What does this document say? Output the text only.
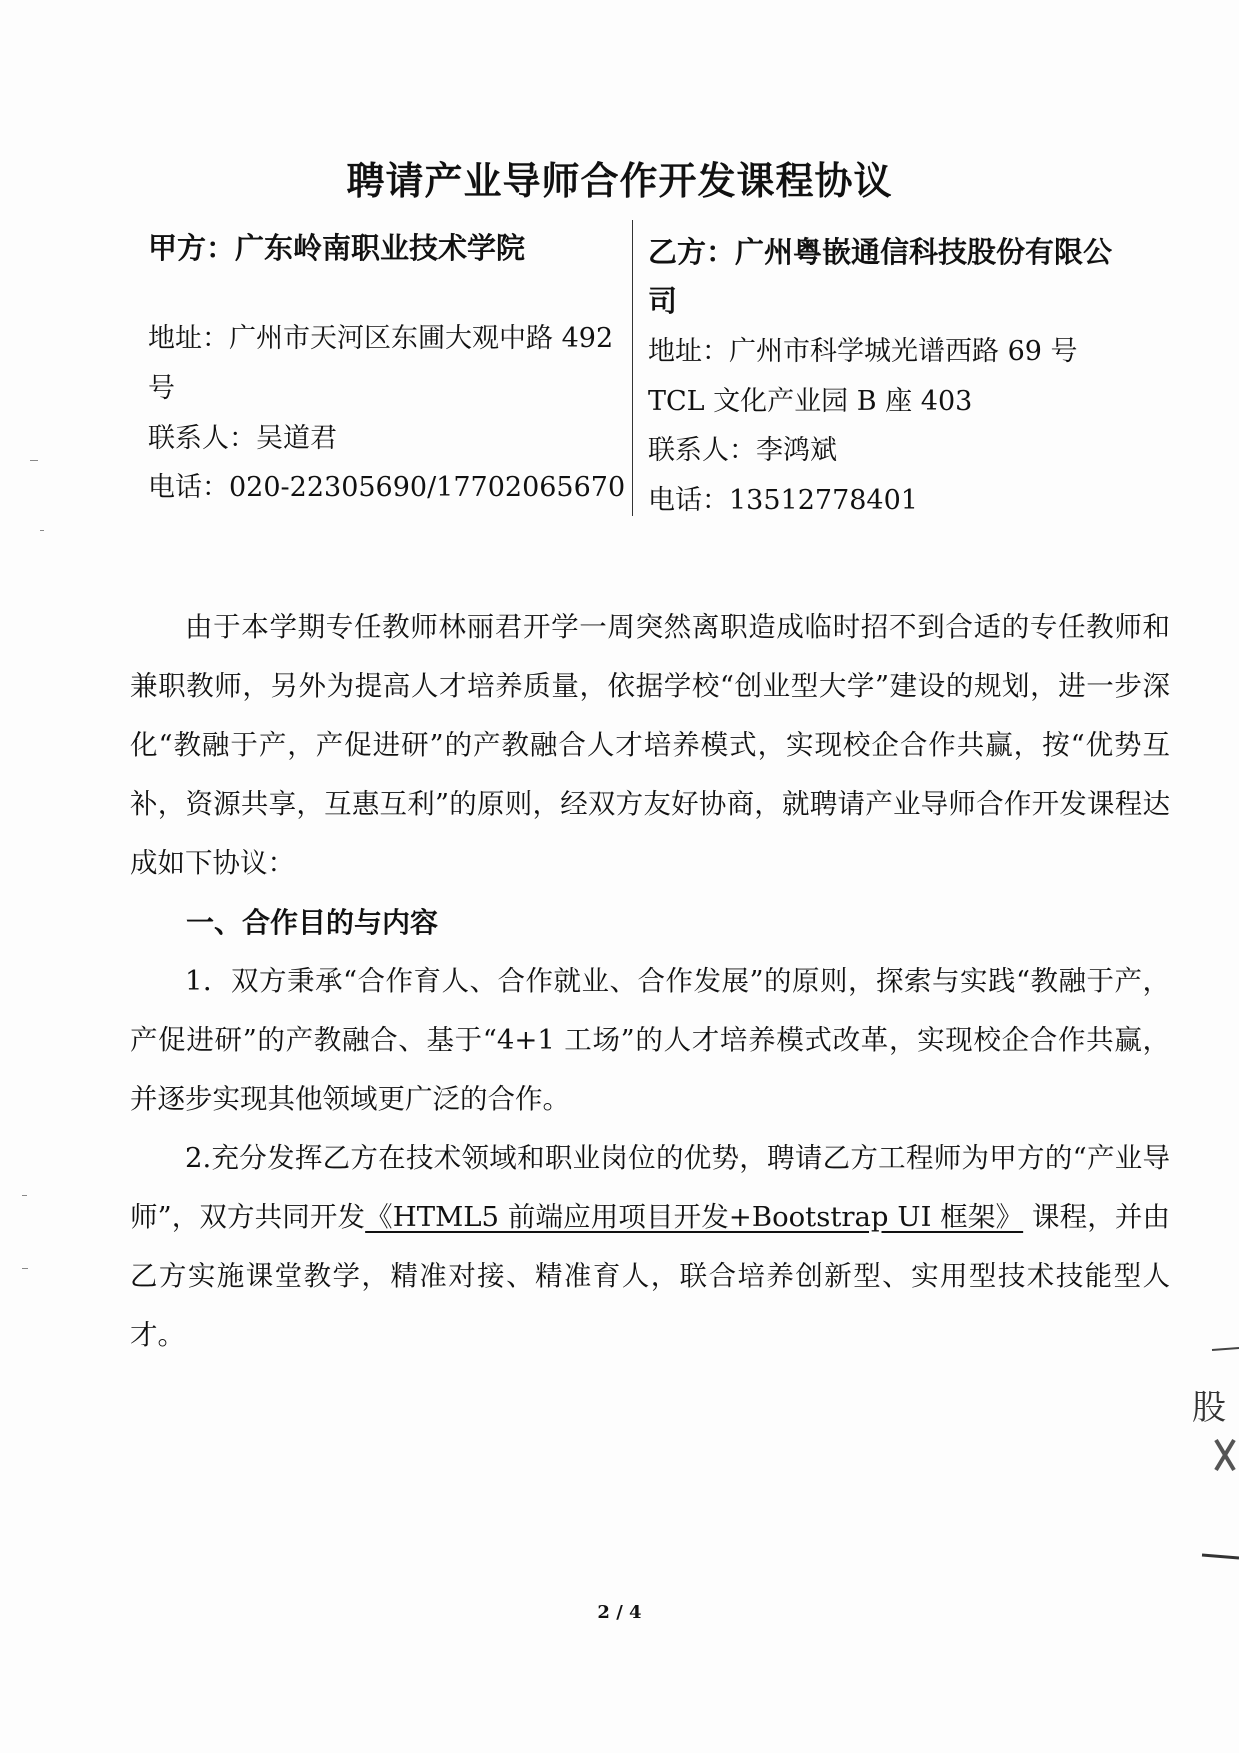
聘请产业导师合作开发课程协议
甲方：广东岭南职业技术学院
地址：广州市天河区东圃大观中路 492
号
联系人：吴道君
电话：020-22305690/17702065670
乙方：广州粤嵌通信科技股份有限公司
地址：广州市科学城光谱西路 69 号
TCL 文化产业园 B 座 403
联系人：李鸿斌
电话：13512778401

由于本学期专任教师林丽君开学一周突然离职造成临时招不到合适的专任教师和兼职教师，另外为提高人才培养质量，依据学校“创业型大学”建设的规划，进一步深化“教融于产，产促进研”的产教融合人才培养模式，实现校企合作共赢，按“优势互补，资源共享，互惠互利”的原则，经双方友好协商，就聘请产业导师合作开发课程达成如下协议：

一、合作目的与内容

1．双方秉承“合作育人、合作就业、合作发展”的原则，探索与实践“教融于产，产促进研”的产教融合、基于“4+1 工场”的人才培养模式改革，实现校企合作共赢，并逐步实现其他领域更广泛的合作。

2.充分发挥乙方在技术领域和职业岗位的优势，聘请乙方工程师为甲方的“产业导师”，双方共同开发《HTML5 前端应用项目开发+Bootstrap UI 框架》 课程，并由乙方实施课堂教学，精准对接、精准育人，联合培养创新型、实用型技术技能型人才。

2 / 4
股
